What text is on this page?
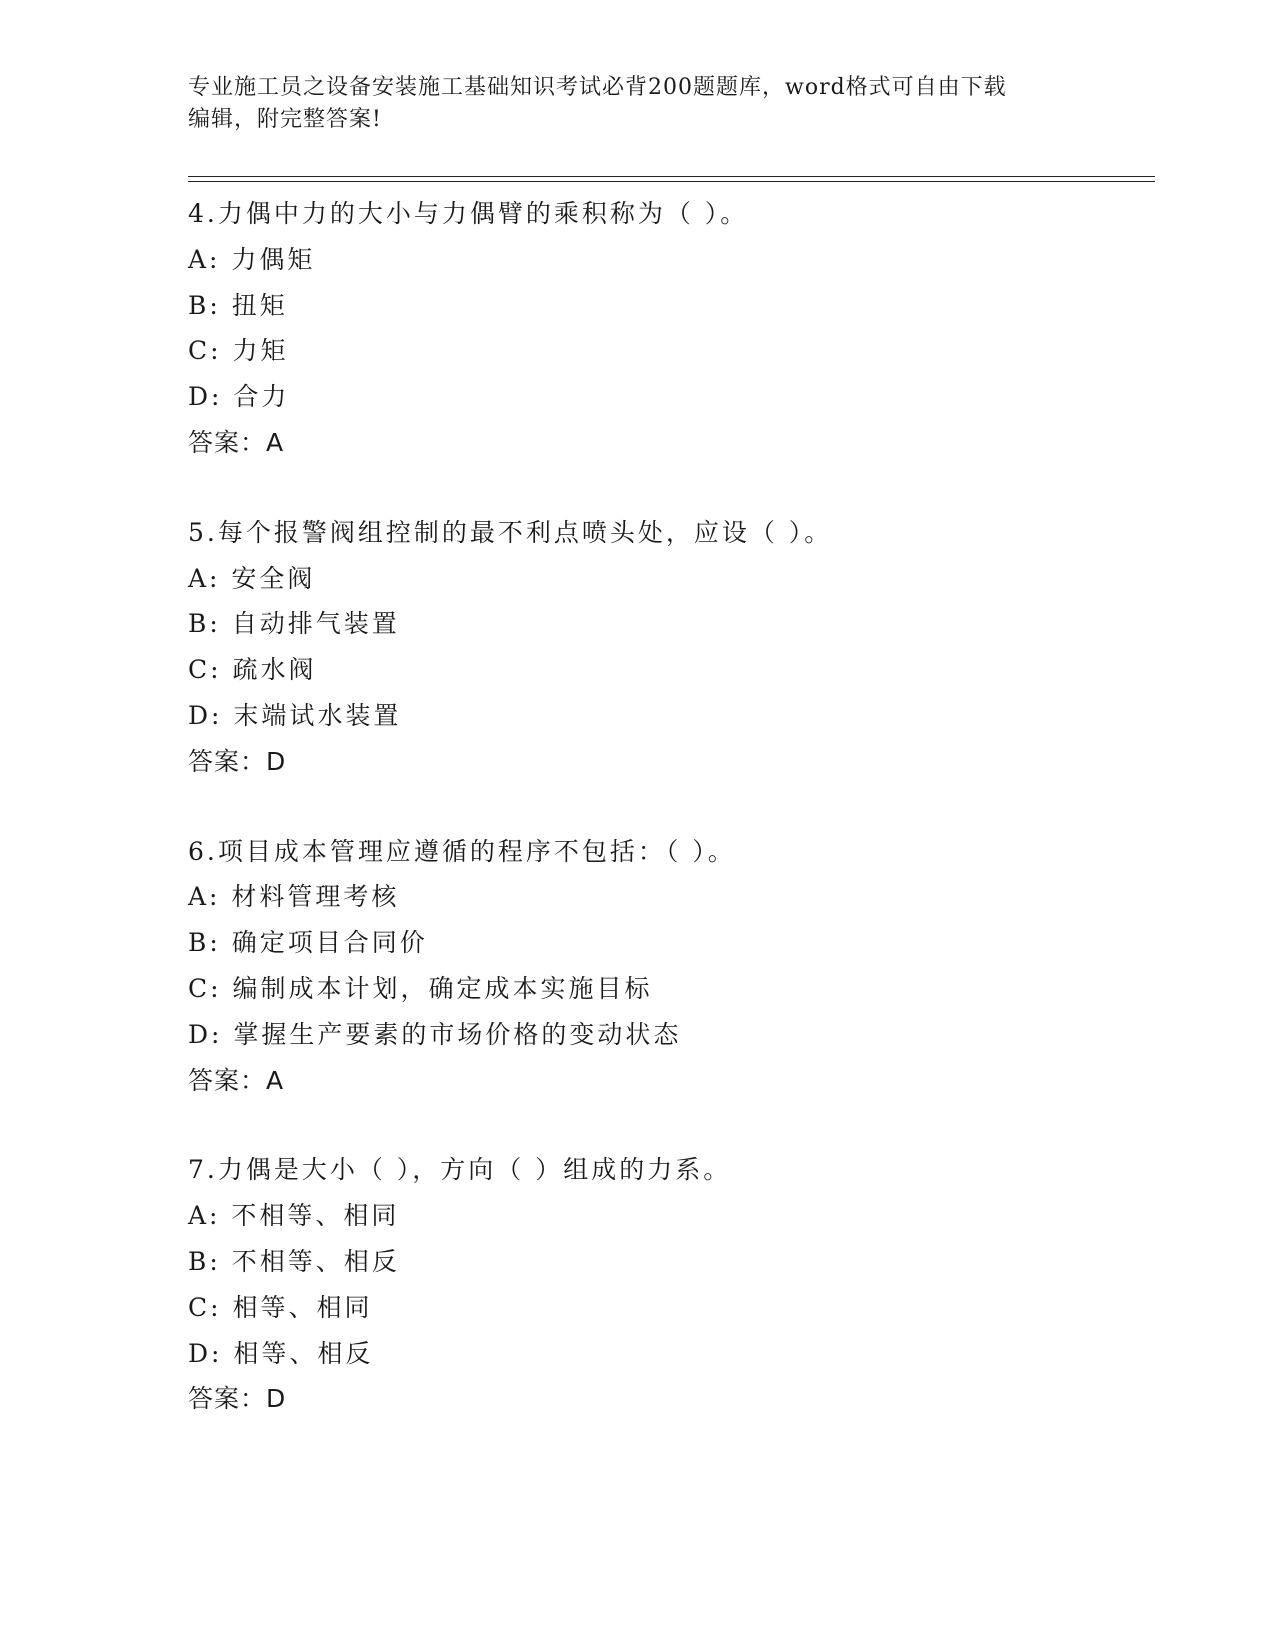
专业施工员之设备安装施工基础知识考试必背200题题库，word格式可自由下载
编辑，附完整答案!
4.力偶中力的大小与力偶臂的乘积称为（ ）。
A: 力偶矩
B: 扭矩
C: 力矩
D: 合力
答案：A
5.每个报警阀组控制的最不利点喷头处，应设（ ）。
A: 安全阀
B: 自动排气装置
C: 疏水阀
D: 末端试水装置
答案：D
6.项目成本管理应遵循的程序不包括：（ ）。
A: 材料管理考核
B: 确定项目合同价
C: 编制成本计划，确定成本实施目标
D: 掌握生产要素的市场价格的变动状态
答案：A
7.力偶是大小（ ），方向（ ）组成的力系。
A: 不相等、相同
B: 不相等、相反
C: 相等、相同
D: 相等、相反
答案：D
